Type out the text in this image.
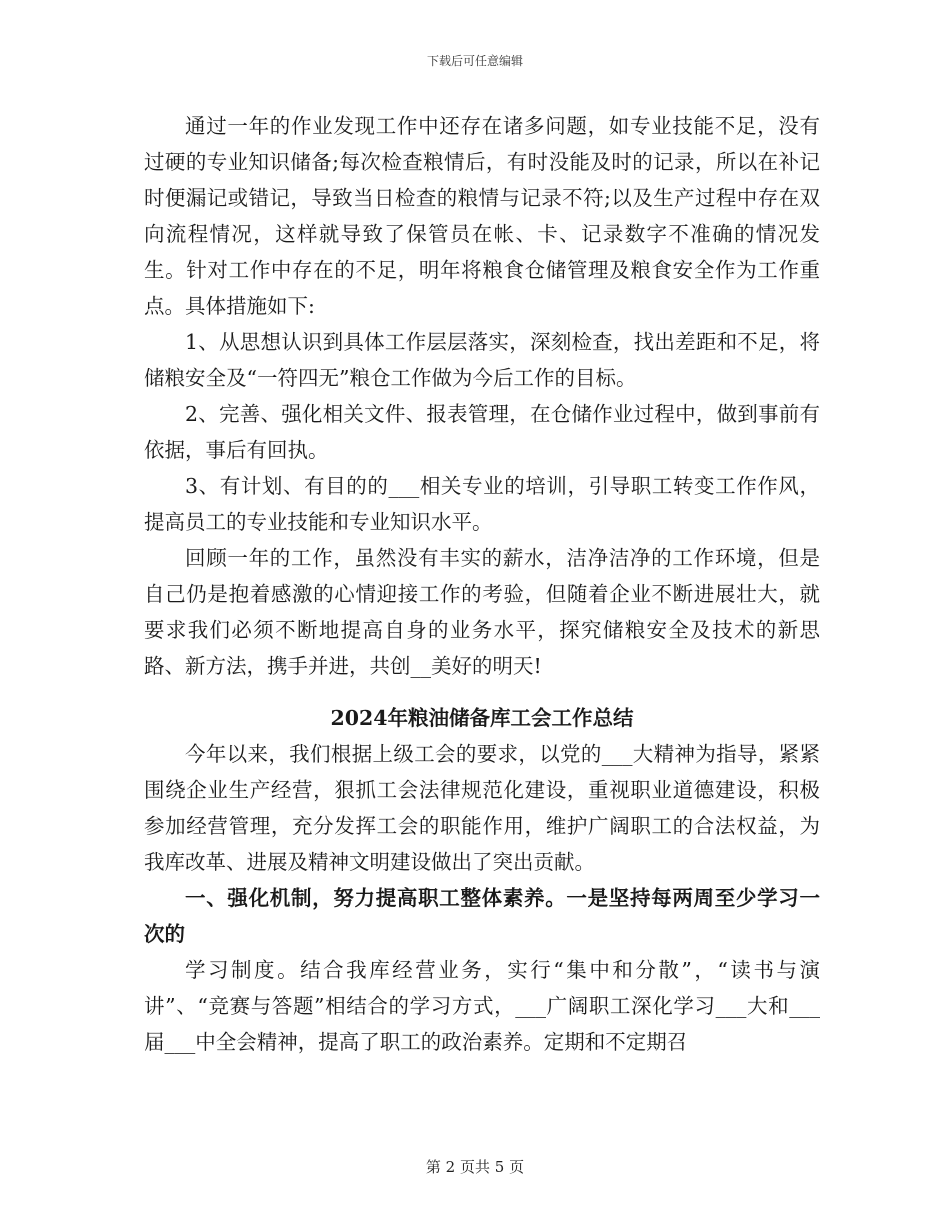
下载后可任意编辑

通过一年的作业发现工作中还存在诸多问题，如专业技能不足，没有过硬的专业知识储备;每次检查粮情后，有时没能及时的记录，所以在补记时便漏记或错记，导致当日检查的粮情与记录不符;以及生产过程中存在双向流程情况，这样就导致了保管员在帐、卡、记录数字不准确的情况发生。针对工作中存在的不足，明年将粮食仓储管理及粮食安全作为工作重点。具体措施如下:

1、从思想认识到具体工作层层落实，深刻检查，找出差距和不足，将储粮安全及“一符四无”粮仓工作做为今后工作的目标。

2、完善、强化相关文件、报表管理，在仓储作业过程中，做到事前有依据，事后有回执。

3、有计划、有目的的___相关专业的培训，引导职工转变工作作风，提高员工的专业技能和专业知识水平。

回顾一年的工作，虽然没有丰实的薪水，洁净洁净的工作环境，但是自己仍是抱着感激的心情迎接工作的考验，但随着企业不断进展壮大，就要求我们必须不断地提高自身的业务水平，探究储粮安全及技术的新思路、新方法，携手并进，共创__美好的明天!

2024年粮油储备库工会工作总结

今年以来，我们根据上级工会的要求，以党的___大精神为指导，紧紧围绕企业生产经营，狠抓工会法律规范化建设，重视职业道德建设，积极参加经营管理，充分发挥工会的职能作用，维护广阔职工的合法权益，为我库改革、进展及精神文明建设做出了突出贡献。

一、强化机制，努力提高职工整体素养。一是坚持每两周至少学习一次的

学习制度。结合我库经营业务，实行“集中和分散”，“读书与演讲”、“竞赛与答题”相结合的学习方式，___广阔职工深化学习___大和___届___中全会精神，提高了职工的政治素养。定期和不定期召

第 2 页共 5 页
